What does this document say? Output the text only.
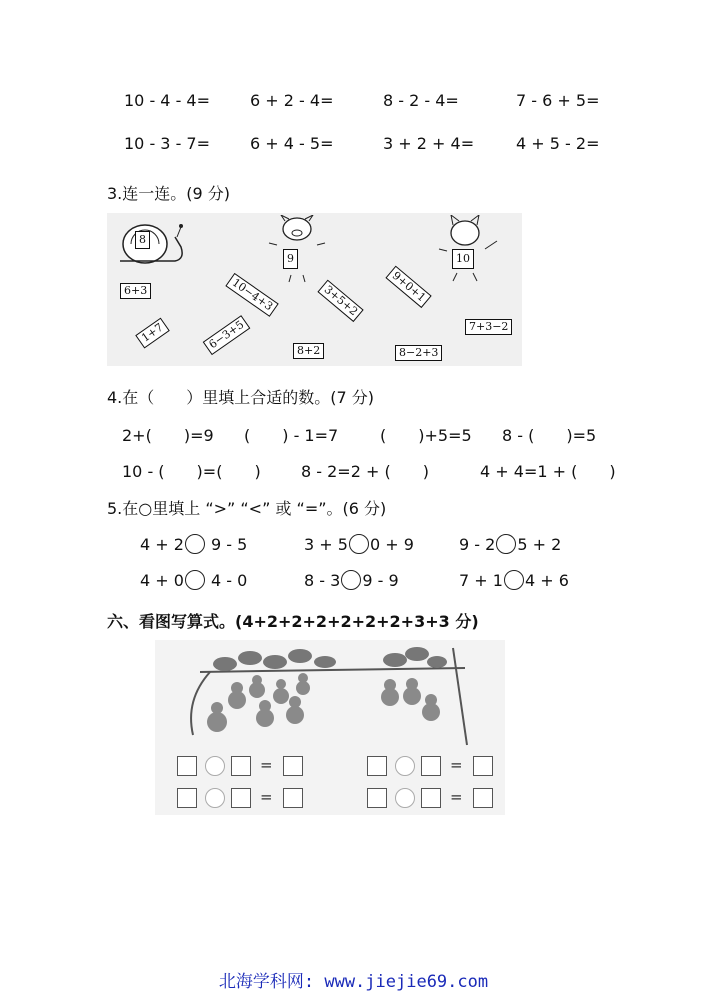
10 - 4 - 4= 6 + 2 - 4=	8 - 2 - 4=	7 - 6 + 5=
10 - 3 - 7= 6 + 4 - 5=	3 + 2 + 4=	4 + 5 - 2=
3.连一连。(9 分)
8
9	10
6+3	10−4+3	3+5+2	9+0+1
7+3−2
1+7	6−3+5	8+2	8−2+3
4.在（　　）里填上合适的数。(7 分)
2+(　　)=9 (　　) - 1=7	(　　)+5=5 8 - (　　)=5
10 - (　　)=(　　)	8 - 2=2 + (　　)	4 + 4=1 + (　　)
5.在○里填上 “>” “<” 或 “=”。(6 分)
4 + 2 9 - 5	3 + 5 0 + 9	9 - 2 5 + 2
4 + 0 4 - 0	8 - 3 9 - 9	7 + 1 4 + 6
六、看图写算式。(4+2+2+2+2+2+2+3+3 分)
=	=
=	=
北海学科网: www.jiejie69.com
